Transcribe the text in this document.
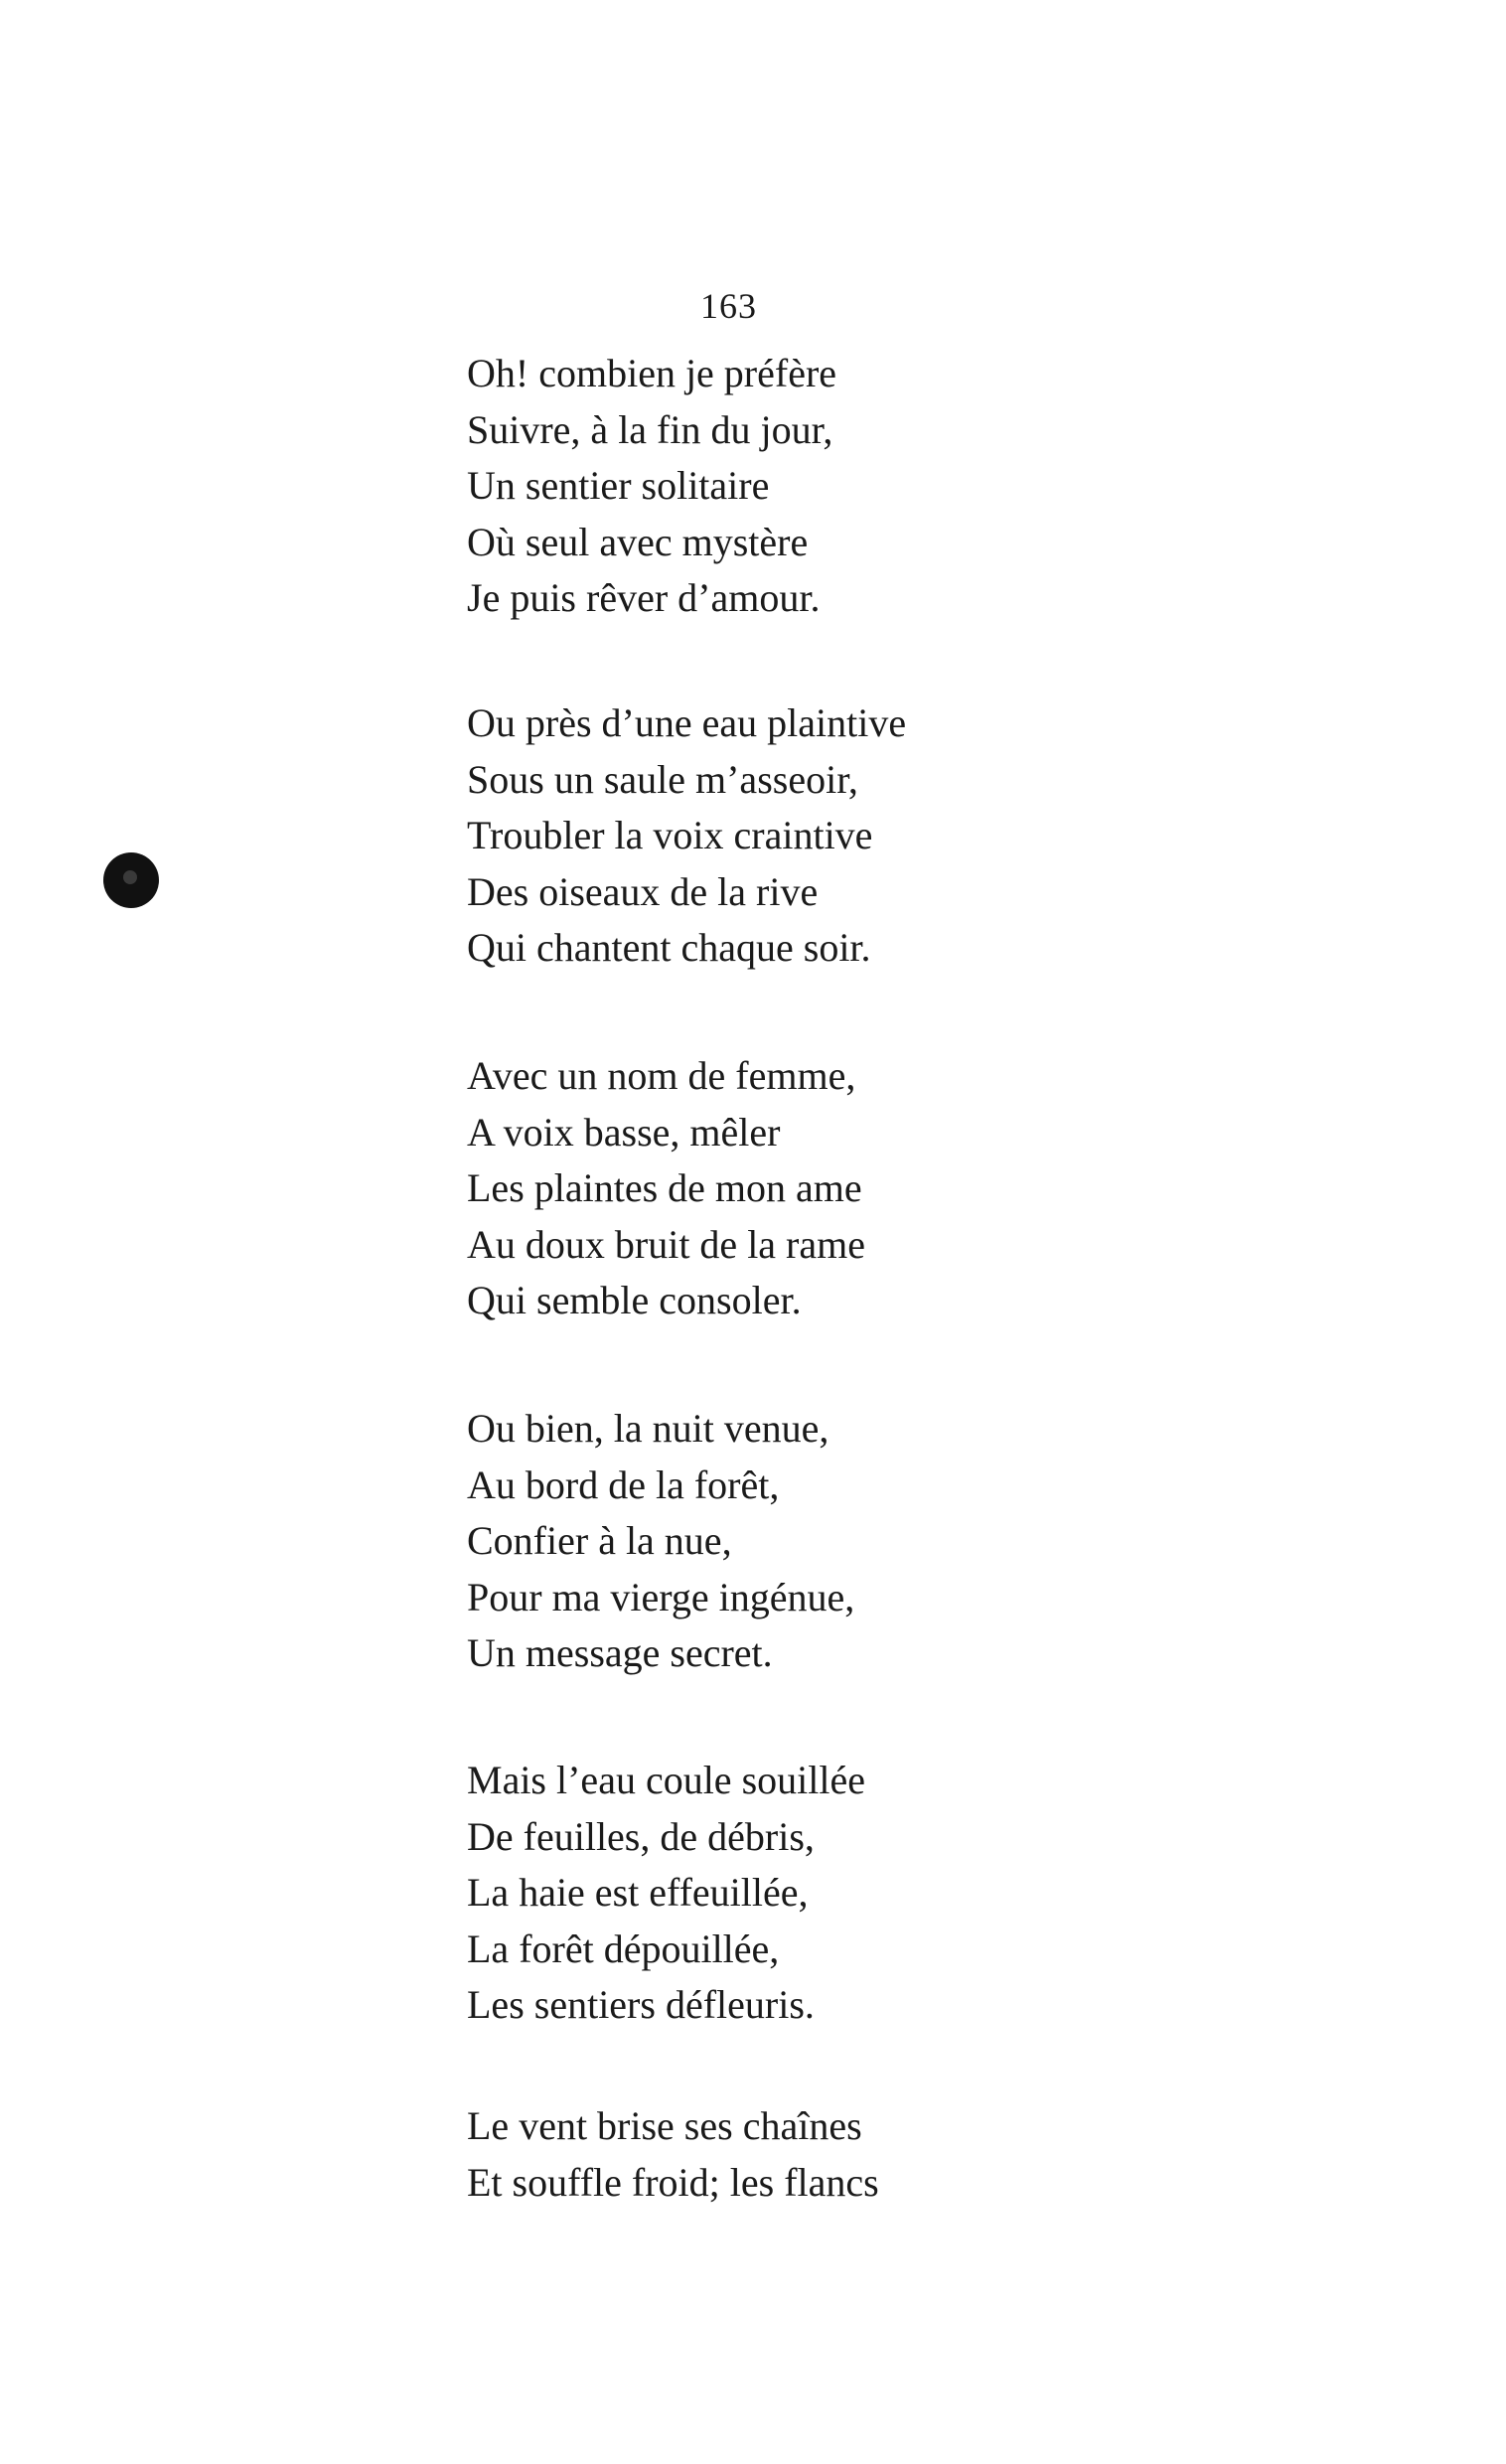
163
Oh! combien je préfère
Suivre, à la fin du jour,
Un sentier solitaire
Où seul avec mystère
Je puis rêver d’amour.
Ou près d’une eau plaintive
Sous un saule m’asseoir,
Troubler la voix craintive
Des oiseaux de la rive
Qui chantent chaque soir.
Avec un nom de femme,
A voix basse, mêler
Les plaintes de mon ame
Au doux bruit de la rame
Qui semble consoler.
Ou bien, la nuit venue,
Au bord de la forêt,
Confier à la nue,
Pour ma vierge ingénue,
Un message secret.
Mais l’eau coule souillée
De feuilles, de débris,
La haie est effeuillée,
La forêt dépouillée,
Les sentiers défleuris.
Le vent brise ses chaînes
Et souffle froid; les flancs
